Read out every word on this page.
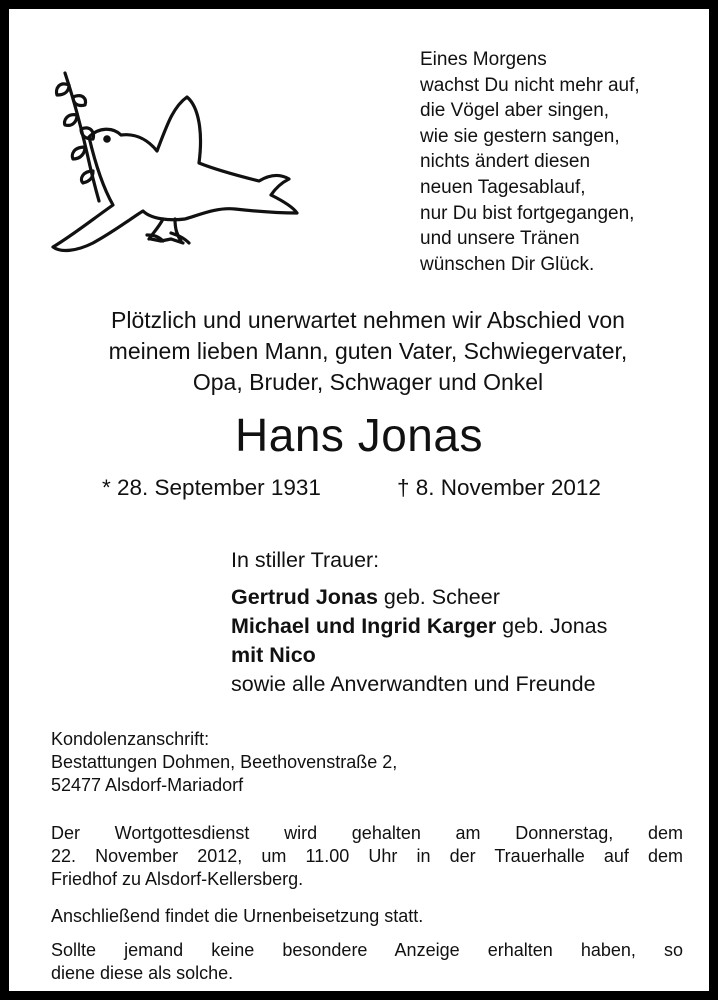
Eines Morgens
wachst Du nicht mehr auf,
die Vögel aber singen,
wie sie gestern sangen,
nichts ändert diesen
neuen Tagesablauf,
nur Du bist fortgegangen,
und unsere Tränen
wünschen Dir Glück.
Plötzlich und unerwartet nehmen wir Abschied von
meinem lieben Mann, guten Vater, Schwiegervater,
Opa, Bruder, Schwager und Onkel
Hans Jonas
* 28. September 1931	† 8. November 2012
In stiller Trauer:
Gertrud Jonas geb. Scheer
Michael und Ingrid Karger geb. Jonas
mit Nico
sowie alle Anverwandten und Freunde
Kondolenzanschrift:
Bestattungen Dohmen, Beethovenstraße 2,
52477 Alsdorf-Mariadorf
Der Wortgottesdienst wird gehalten am Donnerstag, dem
22. November 2012, um 11.00 Uhr in der Trauerhalle auf dem
Friedhof zu Alsdorf-Kellersberg.
Anschließend findet die Urnenbeisetzung statt.
Sollte jemand keine besondere Anzeige erhalten haben, so
diene diese als solche.
